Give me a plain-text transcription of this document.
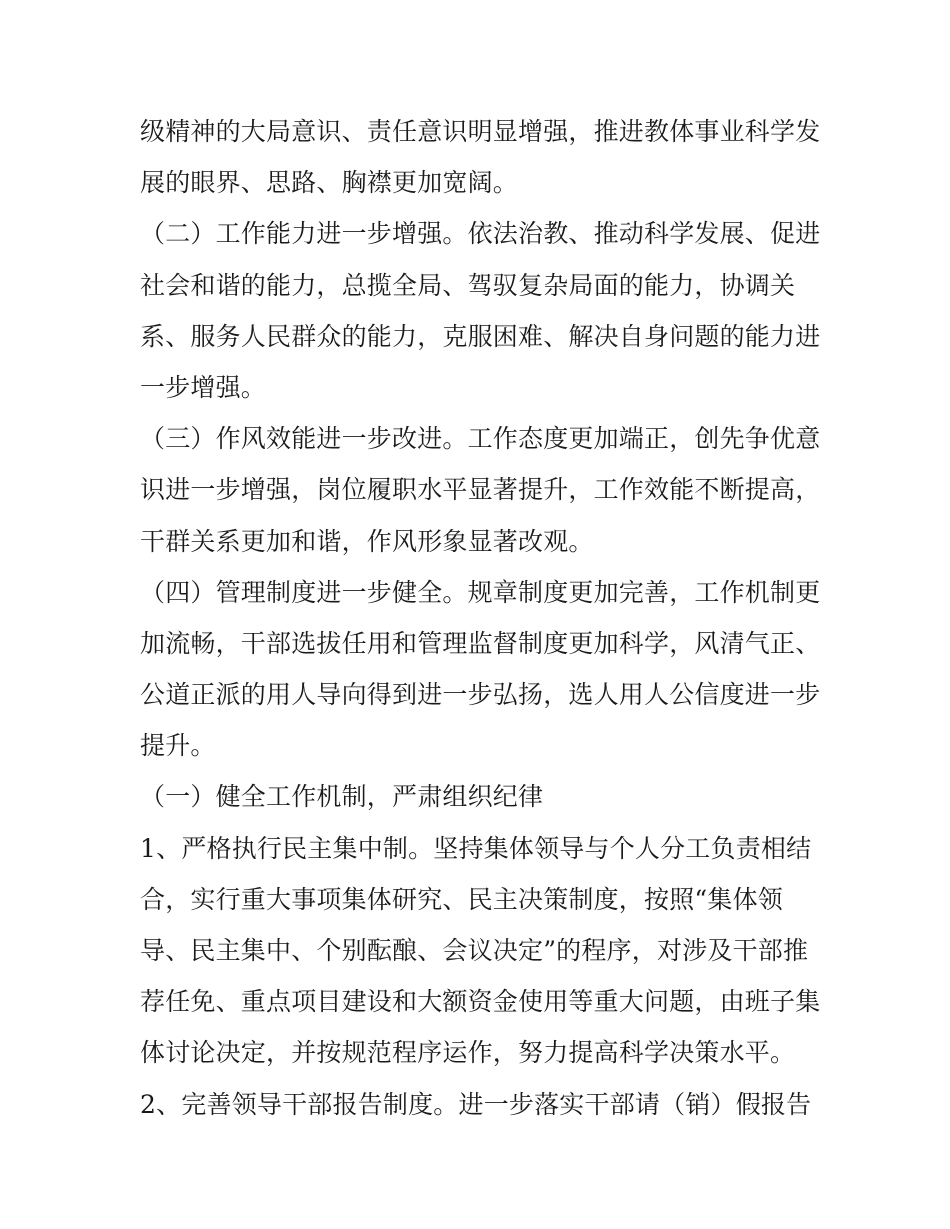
级精神的大局意识、责任意识明显增强，推进教体事业科学发
展的眼界、思路、胸襟更加宽阔。
（二）工作能力进一步增强。依法治教、推动科学发展、促进
社会和谐的能力，总揽全局、驾驭复杂局面的能力，协调关
系、服务人民群众的能力，克服困难、解决自身问题的能力进
一步增强。
（三）作风效能进一步改进。工作态度更加端正，创先争优意
识进一步增强，岗位履职水平显著提升，工作效能不断提高，
干群关系更加和谐，作风形象显著改观。
（四）管理制度进一步健全。规章制度更加完善，工作机制更
加流畅，干部选拔任用和管理监督制度更加科学，风清气正、
公道正派的用人导向得到进一步弘扬，选人用人公信度进一步
提升。
（一）健全工作机制，严肃组织纪律
1、严格执行民主集中制。坚持集体领导与个人分工负责相结
合，实行重大事项集体研究、民主决策制度，按照“集体领
导、民主集中、个别酝酿、会议决定”的程序，对涉及干部推
荐任免、重点项目建设和大额资金使用等重大问题，由班子集
体讨论决定，并按规范程序运作，努力提高科学决策水平。
2、完善领导干部报告制度。进一步落实干部请（销）假报告
